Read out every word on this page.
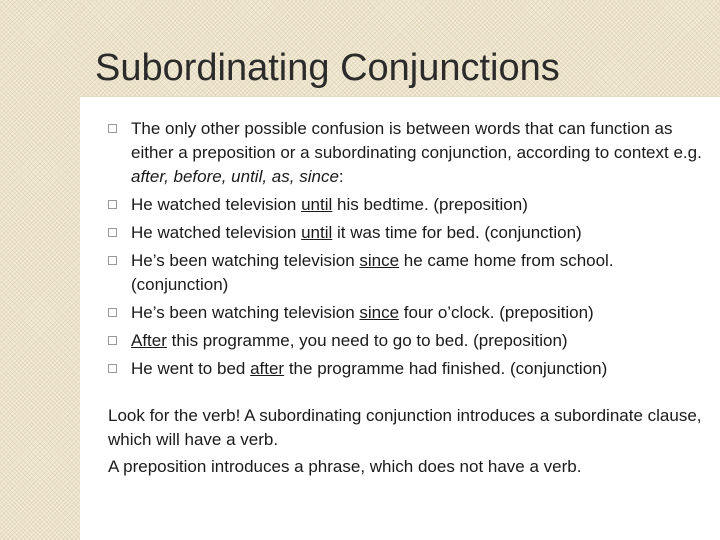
Subordinating Conjunctions
The only other possible confusion is between words that can function as either a preposition or a subordinating conjunction, according to context e.g. after, before, until, as, since:
He watched television until his bedtime. (preposition)
He watched television until it was time for bed. (conjunction)
He’s been watching television since he came home from school. (conjunction)
He’s been watching television since four o’clock. (preposition)
After this programme, you need to go to bed. (preposition)
He went to bed after the programme had finished. (conjunction)

Look for the verb! A subordinating conjunction introduces a subordinate clause, which will have a verb.

A preposition introduces a phrase, which does not have a verb.
